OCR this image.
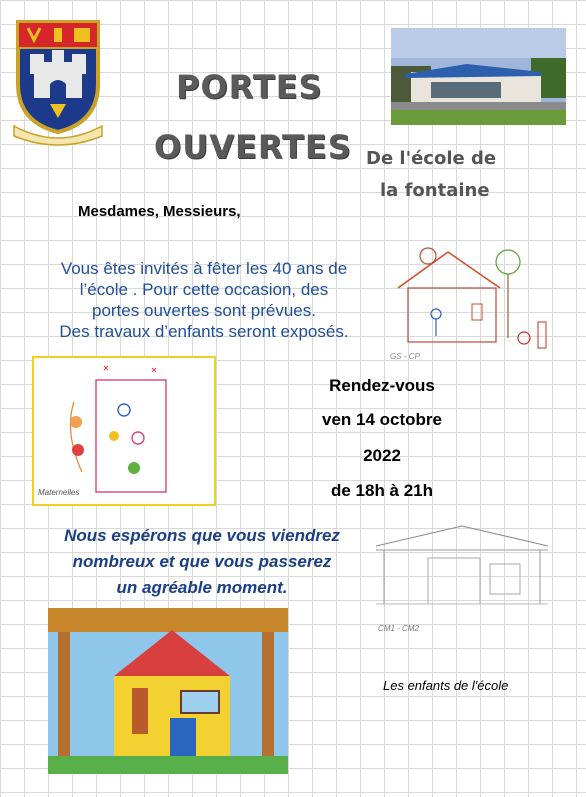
PORTES
OUVERTES De l'école de
la fontaine
Mesdames, Messieurs,
Vous êtes invités à fêter les 40 ans de
l’école . Pour cette occasion, des
portes ouvertes sont prévues.
Des travaux d’enfants seront exposés.
GS - CP
Maternelles
Rendez-vous
ven 14 octobre
2022
de 18h à 21h
Nous espérons que vous viendrez
nombreux et que vous passerez
un agréable moment.
CM1 - CM2
Les enfants de l'école
